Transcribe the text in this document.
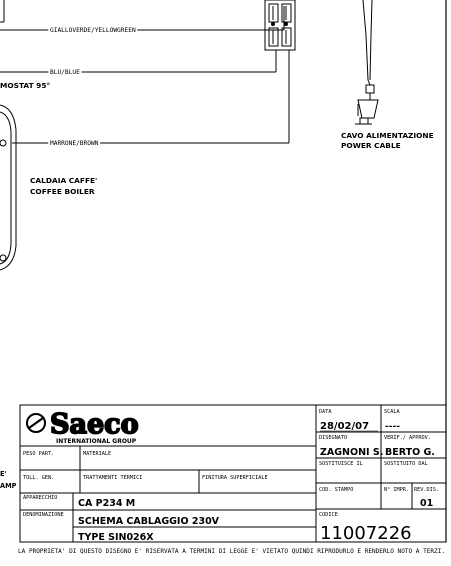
GIALLOVERDE/YELLOWGREEN
BLU/BLUE
MARRONE/BROWN
CAVO ALIMENTAZIONE
POWER CABLE
MOSTAT 95°
CALDAIA CAFFE'
COFFEE BOILER
E'
AMP
Saeco
INTERNATIONAL GROUP
PESO PART.	MATERIALE
TOLL. GEN.	TRATTAMENTI TERMICI	FINITURA SUPERFICIALE
APPARECCHIO CA P234 M
DENOMINAZIONE
SCHEMA CABLAGGIO 230V
TYPE SIN026X
DATA
28/02/07
SCALA
----
DISEGNATO
ZAGNONI S.
VERIF./ APPROV.
BERTO G.
SOSTITUISCE IL	SOSTITUITO DAL
COD. STAMPO	N° IMPR. REV.DIS.
01
CODICE
11007226
LA PROPRIETA' DI QUESTO DISEGNO E' RISERVATA A TERMINI DI LEGGE E' VIETATO QUINDI RIPRODURLO E RENDERLO NOTO A TERZI.
